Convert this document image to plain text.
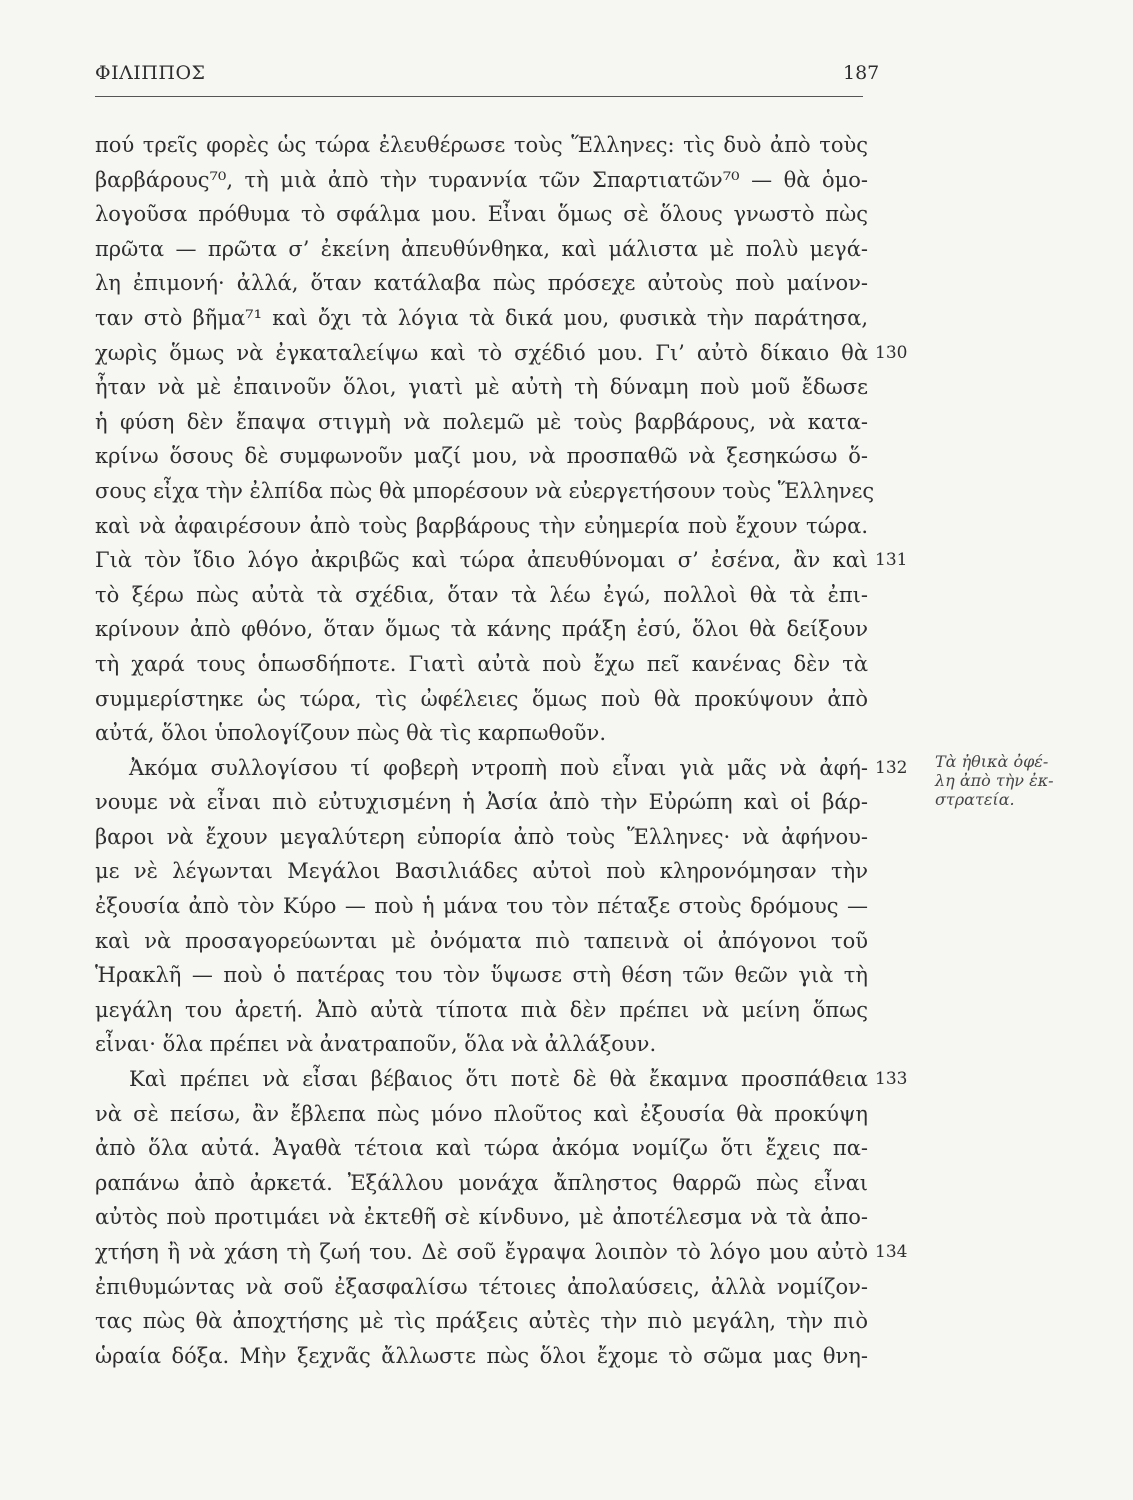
ΦΙΛΙΠΠΟΣ	187
πού τρεῖς φορὲς ὡς τώρα ἐλευθέρωσε τοὺς Ἕλληνες: τὶς δυὸ ἀπὸ τοὺς
βαρβάρους⁷⁰, τὴ μιὰ ἀπὸ τὴν τυραννία τῶν Σπαρτιατῶν⁷⁰ — θὰ ὁμο-
λογοῦσα πρόθυμα τὸ σφάλμα μου. Εἶναι ὅμως σὲ ὅλους γνωστὸ πὼς
πρῶτα — πρῶτα σ’ ἐκείνη ἀπευθύνθηκα, καὶ μάλιστα μὲ πολὺ μεγά-
λη ἐπιμονή· ἀλλά, ὅταν κατάλαβα πὼς πρόσεχε αὐτοὺς ποὺ μαίνον-
ταν στὸ βῆμα⁷¹ καὶ ὄχι τὰ λόγια τὰ δικά μου, φυσικὰ τὴν παράτησα,
χωρὶς ὅμως νὰ ἐγκαταλείψω καὶ τὸ σχέδιό μου. Γι’ αὐτὸ δίκαιο θὰ 130
ἦταν νὰ μὲ ἐπαινοῦν ὅλοι, γιατὶ μὲ αὐτὴ τὴ δύναμη ποὺ μοῦ ἔδωσε
ἡ φύση δὲν ἔπαψα στιγμὴ νὰ πολεμῶ μὲ τοὺς βαρβάρους, νὰ κατα-
κρίνω ὅσους δὲ συμφωνοῦν μαζί μου, νὰ προσπαθῶ νὰ ξεσηκώσω ὅ-
σους εἶχα τὴν ἐλπίδα πὼς θὰ μπορέσουν νὰ εὐεργετήσουν τοὺς Ἕλληνες
καὶ νὰ ἀφαιρέσουν ἀπὸ τοὺς βαρβάρους τὴν εὐημερία ποὺ ἔχουν τώρα.
Γιὰ τὸν ἴδιο λόγο ἀκριβῶς καὶ τώρα ἀπευθύνομαι σ’ ἐσένα, ἂν καὶ 131
τὸ ξέρω πὼς αὐτὰ τὰ σχέδια, ὅταν τὰ λέω ἐγώ, πολλοὶ θὰ τὰ ἐπι-
κρίνουν ἀπὸ φθόνο, ὅταν ὅμως τὰ κάνης πράξη ἐσύ, ὅλοι θὰ δείξουν
τὴ χαρά τους ὁπωσδήποτε. Γιατὶ αὐτὰ ποὺ ἔχω πεῖ κανένας δὲν τὰ
συμμερίστηκε ὡς τώρα, τὶς ὠφέλειες ὅμως ποὺ θὰ προκύψουν ἀπὸ
αὐτά, ὅλοι ὑπολογίζουν πὼς θὰ τὶς καρπωθοῦν.
Ἀκόμα συλλογίσου τί φοβερὴ ντροπὴ ποὺ εἶναι γιὰ μᾶς νὰ ἀφή- 132
νουμε νὰ εἶναι πιὸ εὐτυχισμένη ἡ Ἀσία ἀπὸ τὴν Εὐρώπη καὶ οἱ βάρ-
βαροι νὰ ἔχουν μεγαλύτερη εὐπορία ἀπὸ τοὺς Ἕλληνες· νὰ ἀφήνου-
με νὲ λέγωνται Μεγάλοι Βασιλιάδες αὐτοὶ ποὺ κληρονόμησαν τὴν
ἐξουσία ἀπὸ τὸν Κύρο — ποὺ ἡ μάνα του τὸν πέταξε στοὺς δρόμους —
καὶ νὰ προσαγορεύωνται μὲ ὀνόματα πιὸ ταπεινὰ οἱ ἀπόγονοι τοῦ
Ἡρακλῆ — ποὺ ὁ πατέρας του τὸν ὕψωσε στὴ θέση τῶν θεῶν γιὰ τὴ
μεγάλη του ἀρετή. Ἀπὸ αὐτὰ τίποτα πιὰ δὲν πρέπει νὰ μείνη ὅπως
εἶναι· ὅλα πρέπει νὰ ἀνατραποῦν, ὅλα νὰ ἀλλάξουν.
Καὶ πρέπει νὰ εἶσαι βέβαιος ὅτι ποτὲ δὲ θὰ ἔκαμνα προσπάθεια 133
νὰ σὲ πείσω, ἂν ἔβλεπα πὼς μόνο πλοῦτος καὶ ἐξουσία θὰ προκύψη
ἀπὸ ὅλα αὐτά. Ἀγαθὰ τέτοια καὶ τώρα ἀκόμα νομίζω ὅτι ἔχεις πα-
ραπάνω ἀπὸ ἀρκετά. Ἐξάλλου μονάχα ἄπληστος θαρρῶ πὼς εἶναι
αὐτὸς ποὺ προτιμάει νὰ ἐκτεθῆ σὲ κίνδυνο, μὲ ἀποτέλεσμα νὰ τὰ ἀπο-
χτήση ἢ νὰ χάση τὴ ζωή του. Δὲ σοῦ ἔγραψα λοιπὸν τὸ λόγο μου αὐτὸ 134
ἐπιθυμώντας νὰ σοῦ ἐξασφαλίσω τέτοιες ἀπολαύσεις, ἀλλὰ νομίζον-
τας πὼς θὰ ἀποχτήσης μὲ τὶς πράξεις αὐτὲς τὴν πιὸ μεγάλη, τὴν πιὸ
ὡραία δόξα. Μὴν ξεχνᾶς ἄλλωστε πὼς ὅλοι ἔχομε τὸ σῶμα μας θνη-
Τὰ ἠθικὰ ὀφέ-
λη ἀπὸ τὴν ἐκ-
στρατεία.
